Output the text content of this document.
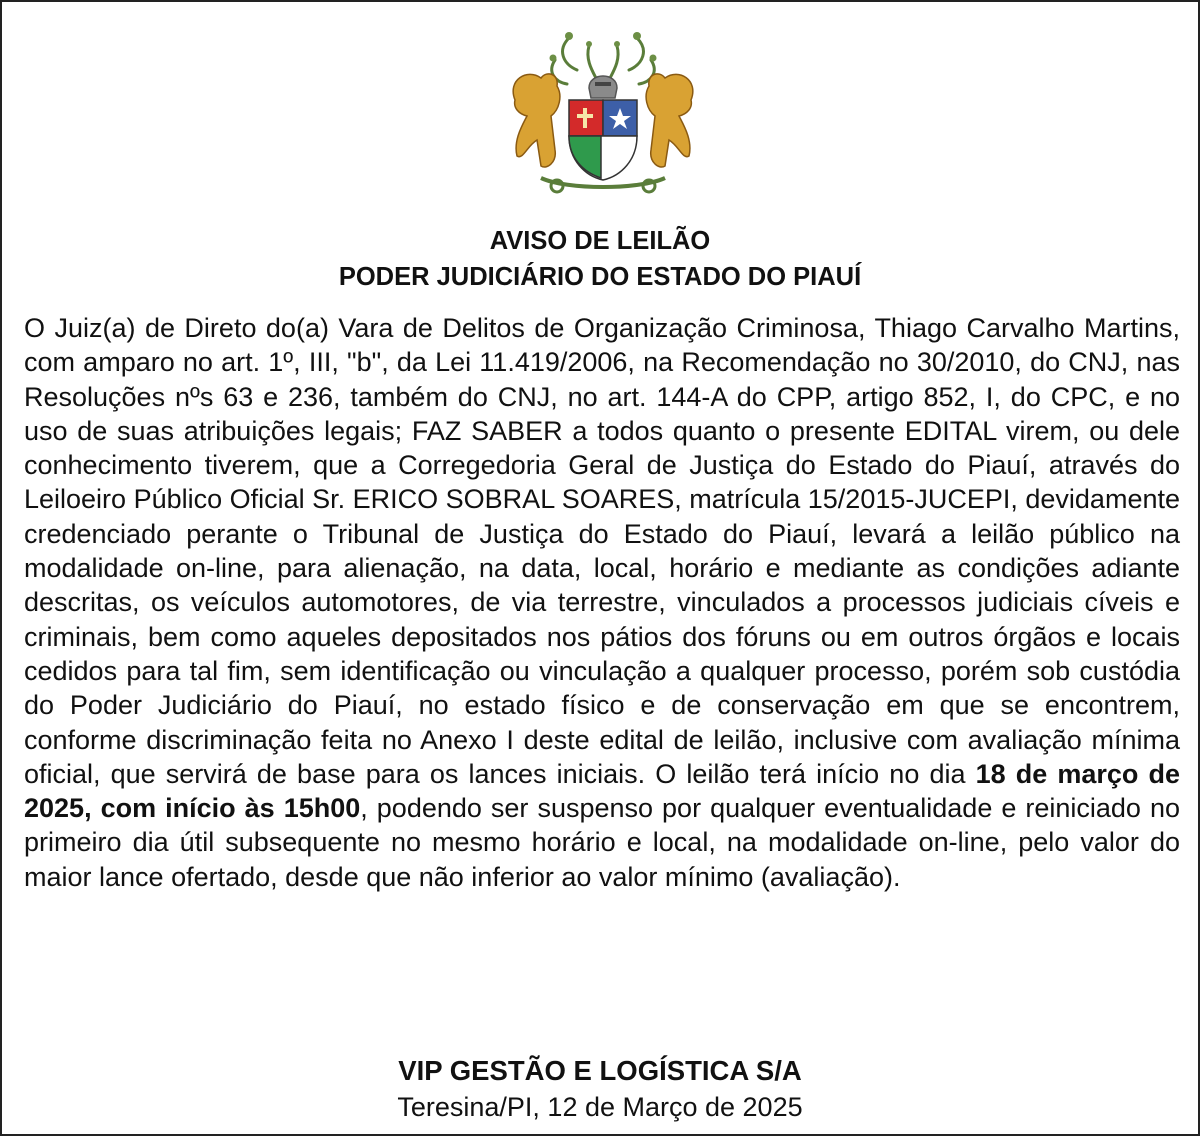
AVISO DE LEILÃO
PODER JUDICIÁRIO DO ESTADO DO PIAUÍ

O Juiz(a) de Direto do(a) Vara de Delitos de Organização Criminosa, Thiago Carvalho Martins, com amparo no art. 1º, III, "b", da Lei 11.419/2006, na Recomendação no 30/2010, do CNJ, nas Resoluções nºs 63 e 236, também do CNJ, no art. 144-A do CPP, artigo 852, I, do CPC, e no uso de suas atribuições legais; FAZ SABER a todos quanto o presente EDITAL virem, ou dele conhecimento tiverem, que a Corregedoria Geral de Justiça do Estado do Piauí, através do Leiloeiro Público Oficial Sr. ERICO SOBRAL SOARES, matrícula 15/2015-JUCEPI, devidamente credenciado perante o Tribunal de Justiça do Estado do Piauí, levará a leilão público na modalidade on-line, para alienação, na data, local, horário e mediante as condições adiante descritas, os veículos automotores, de via terrestre, vinculados a processos judiciais cíveis e criminais, bem como aqueles depositados nos pátios dos fóruns ou em outros órgãos e locais cedidos para tal fim, sem identificação ou vinculação a qualquer processo, porém sob custódia do Poder Judiciário do Piauí, no estado físico e de conservação em que se encontrem, conforme discriminação feita no Anexo I deste edital de leilão, inclusive com avaliação mínima oficial, que servirá de base para os lances iniciais. O leilão terá início no dia 18 de março de 2025, com início às 15h00, podendo ser suspenso por qualquer eventualidade e reiniciado no primeiro dia útil subsequente no mesmo horário e local, na modalidade on-line, pelo valor do maior lance ofertado, desde que não inferior ao valor mínimo (avaliação).

VIP GESTÃO E LOGÍSTICA S/A
Teresina/PI, 12 de Março de 2025
